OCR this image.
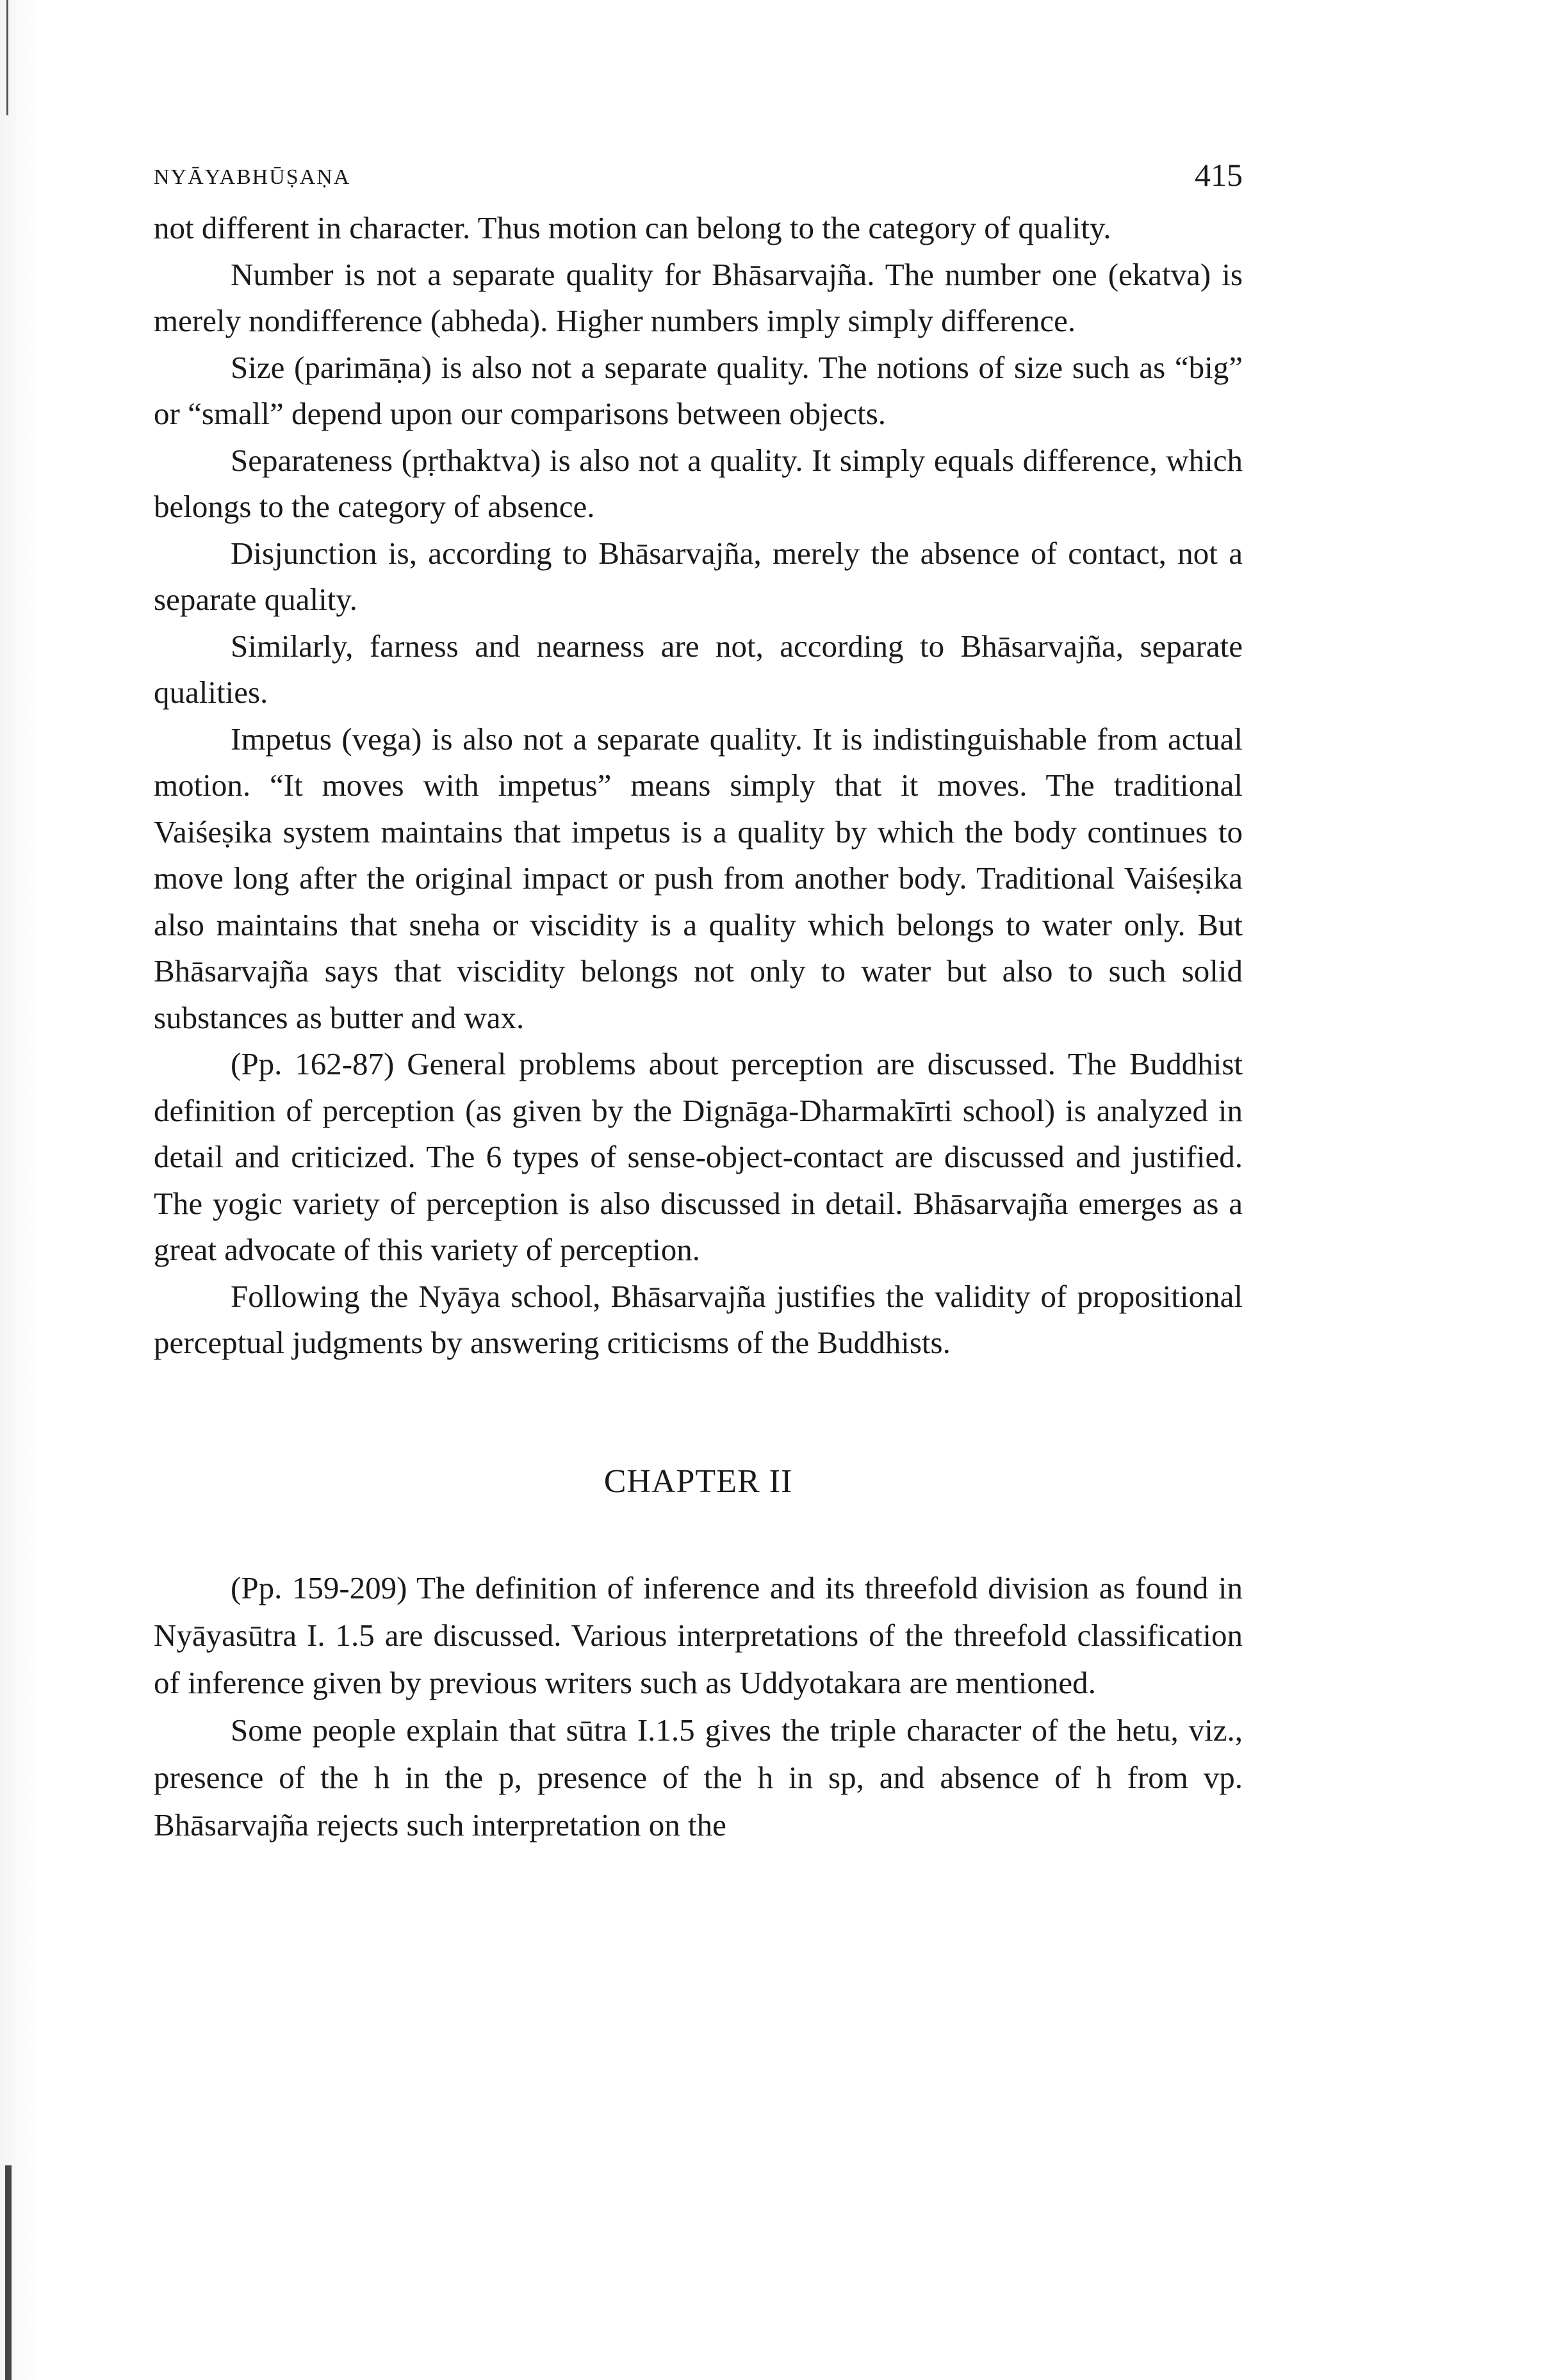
NYĀYABHŪṢAṆA	415

not different in character. Thus motion can belong to the category of quality.

Number is not a separate quality for Bhāsarvajña. The number one (ekatva) is merely nondifference (abheda). Higher numbers imply simply difference.

Size (parimāṇa) is also not a separate quality. The notions of size such as “big” or “small” depend upon our comparisons between objects.

Separateness (pṛthaktva) is also not a quality. It simply equals difference, which belongs to the category of absence.

Disjunction is, according to Bhāsarvajña, merely the absence of contact, not a separate quality.

Similarly, farness and nearness are not, according to Bhāsarvajña, separate qualities.

Impetus (vega) is also not a separate quality. It is indistinguishable from actual motion. “It moves with impetus” means simply that it moves. The traditional Vaiśeṣika system maintains that impetus is a quality by which the body continues to move long after the original impact or push from another body. Traditional Vaiśeṣika also maintains that sneha or viscidity is a quality which belongs to water only. But Bhāsarvajña says that viscidity belongs not only to water but also to such solid substances as butter and wax.

(Pp. 162-87) General problems about perception are discussed. The Buddhist definition of perception (as given by the Dignāga-Dharmakīrti school) is analyzed in detail and criticized. The 6 types of sense-object-contact are discussed and justified. The yogic variety of perception is also discussed in detail. Bhāsarvajña emerges as a great advocate of this variety of perception.

Following the Nyāya school, Bhāsarvajña justifies the validity of propositional perceptual judgments by answering criticisms of the Buddhists.

CHAPTER II

(Pp. 159-209) The definition of inference and its threefold division as found in Nyāyasūtra I. 1.5 are discussed. Various interpretations of the threefold classification of inference given by previous writers such as Uddyotakara are mentioned.

Some people explain that sūtra I.1.5 gives the triple character of the hetu, viz., presence of the h in the p, presence of the h in sp, and absence of h from vp. Bhāsarvajña rejects such interpretation on the
